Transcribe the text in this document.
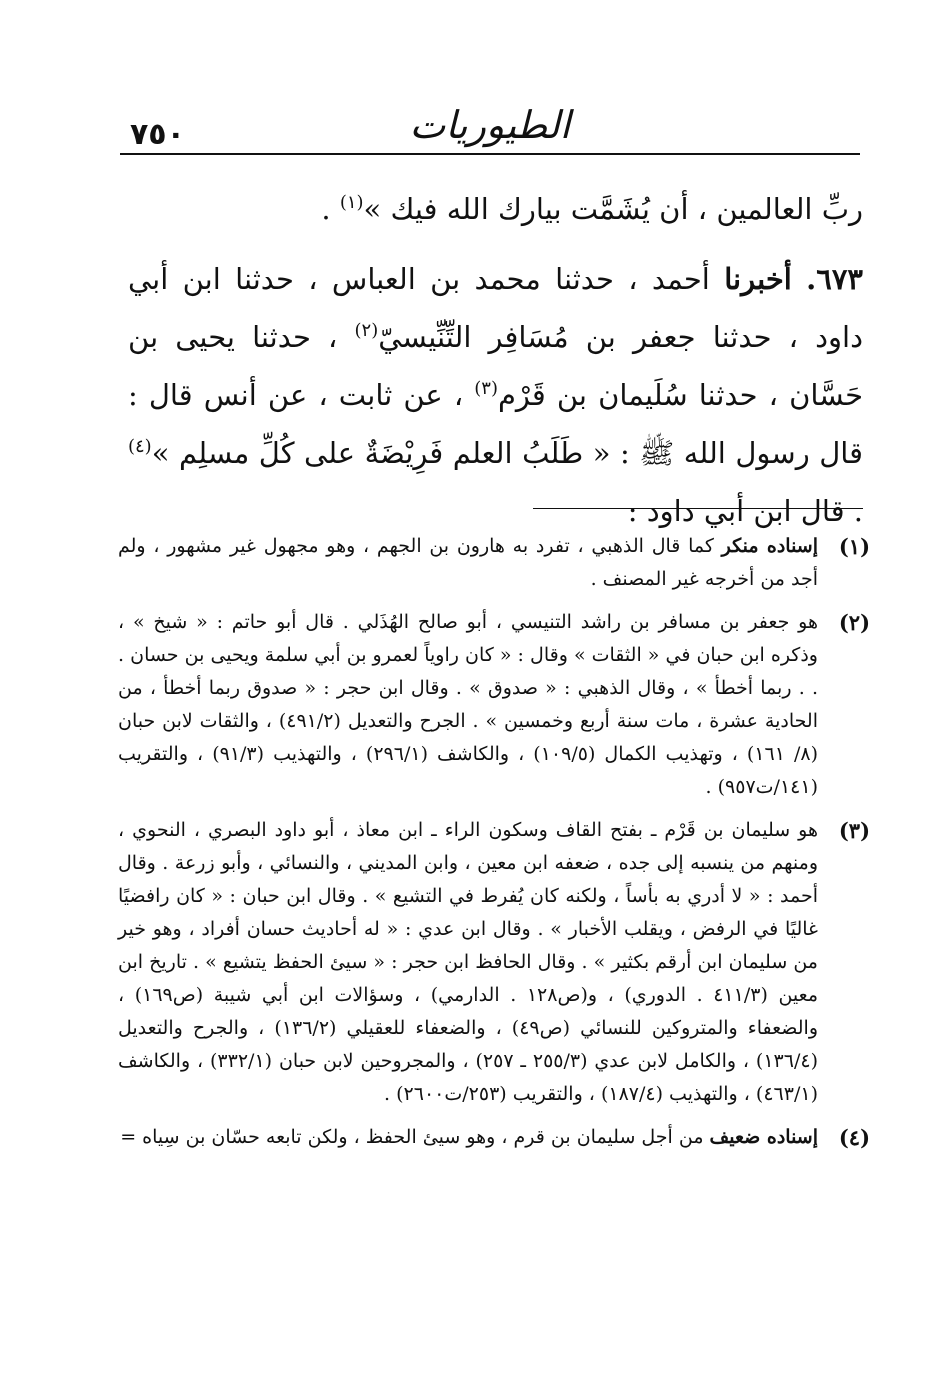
٧٥٠	الطيوريات

ربِّ العالمين ، أن يُشَمَّت بيارك الله فيك »$^{(١)}$ .

٦٧٣. أخبرنا أحمد ، حدثنا محمد بن العباس ، حدثنا ابن أبي داود ، حدثنا جعفر بن مُسَافِر التِّنِّيسيّ$^{(٢)}$ ، حدثنا يحيى بن حَسَّان ، حدثنا سُلَيمان بن قَرْم$^{(٣)}$ ، عن ثابت ، عن أنس قال : قال رسول الله ﷺ : « طَلَبُ العلم فَرِيْضَةٌ على كُلِّ مسلِم »$^{(٤)}$ . قال ابن أبي داود :

(١)
إسناده منكر كما قال الذهبي ، تفرد به هارون بن الجهم ، وهو مجهول غير مشهور ، ولم أجد من أخرجه غير المصنف .
(٢)
هو جعفر بن مسافر بن راشد التنيسي ، أبو صالح الهُذَلي . قال أبو حاتم : « شيخ » ، وذكره ابن حبان في « الثقات » وقال : « كان راوياً لعمرو بن أبي سلمة ويحيى بن حسان . . . ربما أخطأ » ، وقال الذهبي : « صدوق » . وقال ابن حجر : « صدوق ربما أخطأ ، من الحادية عشرة ، مات سنة أربع وخمسين » . الجرح والتعديل (٤٩١/٢) ، والثقات لابن حبان (٨/ ١٦١) ، وتهذيب الكمال (١٠٩/٥) ، والكاشف (٢٩٦/١) ، والتهذيب (٩١/٣) ، والتقريب (١٤١/ت٩٥٧) .
(٣)
هو سليمان بن قَرْم ـ بفتح القاف وسكون الراء ـ ابن معاذ ، أبو داود البصري ، النحوي ، ومنهم من ينسبه إلى جده ، ضعفه ابن معين ، وابن المديني ، والنسائي ، وأبو زرعة . وقال أحمد : « لا أدري به بأساً ، ولكنه كان يُفرط في التشيع » . وقال ابن حبان : « كان رافضيًا غاليًا في الرفض ، ويقلب الأخبار » . وقال ابن عدي : « له أحاديث حسان أفراد ، وهو خير من سليمان ابن أرقم بكثير » . وقال الحافظ ابن حجر : « سيئ الحفظ يتشيع » . تاريخ ابن معين (٤١١/٣ . الدوري) ، و(ص١٢٨ . الدارمي) ، وسؤالات ابن أبي شيبة (ص١٦٩) ، والضعفاء والمتروكين للنسائي (ص٤٩) ، والضعفاء للعقيلي (١٣٦/٢) ، والجرح والتعديل (١٣٦/٤) ، والكامل لابن عدي (٢٥٥/٣ ـ ٢٥٧) ، والمجروحين لابن حبان (٣٣٢/١) ، والكاشف (٤٦٣/١) ، والتهذيب (١٨٧/٤) ، والتقريب (٢٥٣/ت٢٦٠٠) .
(٤)
إسناده ضعيف من أجل سليمان بن قرم ، وهو سيئ الحفظ ، ولكن تابعه حسّان بن سِياه =
